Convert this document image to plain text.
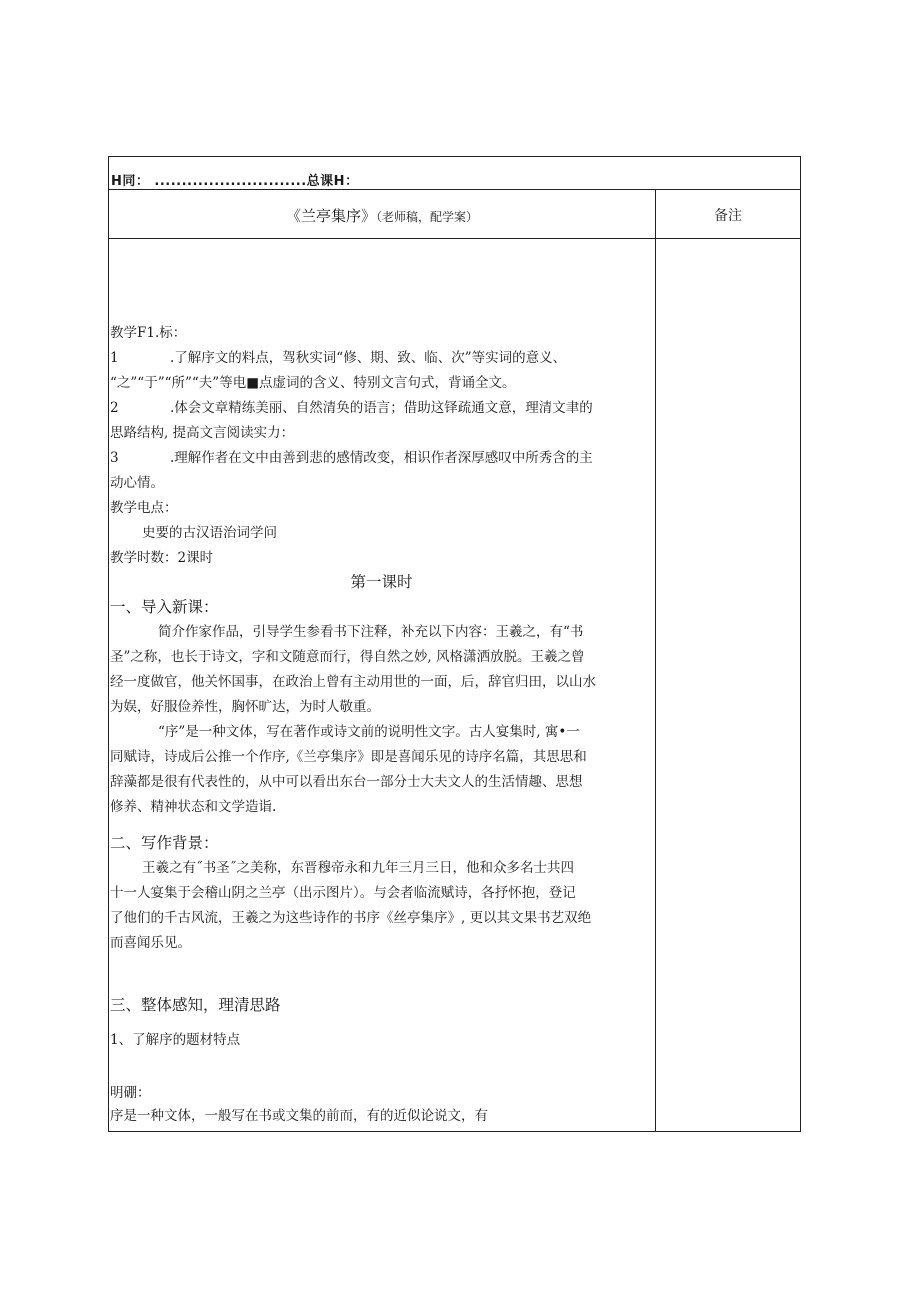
H同： ............................总课H：
《兰亭集序》（老师稿，配学案）	备注
教学F1.标：
1	.了解序文的料点，驾秋实词“修、期、致、临、次”等实词的意义、
“之”“于”“所”“夫”等电■点虚词的含义、特别文言句式，背诵全文。
2	.体会文章精练美丽、自然清奂的语言；借助这铎疏通文意，理清文聿的
思路结构, 提高文言阅读实力：
3	.理解作者在文中由善到悲的感情改变，相识作者深厚感叹中所秀含的主
动心情。
教学电点：
史要的古汉语治词学问
教学时数：2课时
第一课时
一、导入新课：
简介作家作品，引导学生参看书下注释，补充以下内容：王羲之，有“书
圣”之称，也长于诗文，字和文随意而行，得自然之妙, 风格潇洒放脱。王羲之曾
经一度做官，他关怀国事，在政治上曾有主动用世的一面，后，辞官归田，以山水
为娱，好服俭养性，胸怀旷达，为时人敬重。
“序”是一种文体，写在著作或诗文前的说明性文字。古人宴集时, 寓•一
同赋诗，诗成后公推一个作序,《兰亭集序》即是喜闻乐见的诗序名篇，其思思和
辞藻都是很有代表性的，从中可以看出东台一部分士大夫文人的生活情趣、思想
修养、精神状态和文学造诣.
二、写作背景：
王羲之有˝书圣˝之美称，东晋穆帝永和九年三月三日，他和众多名士共四
十一人宴集于会稽山阴之兰亭（出示图片）。与会者临流赋诗，各抒怀抱，登记
了他们的千古风流，王羲之为这些诗作的书序《丝亭集序》, 更以其文果书艺双绝
而喜闻乐见。
三、整体感知，理清思路
1、了解序的题材特点
明硼：
序是一种文体，一般写在书或文集的前而，有的近似论说文，有
